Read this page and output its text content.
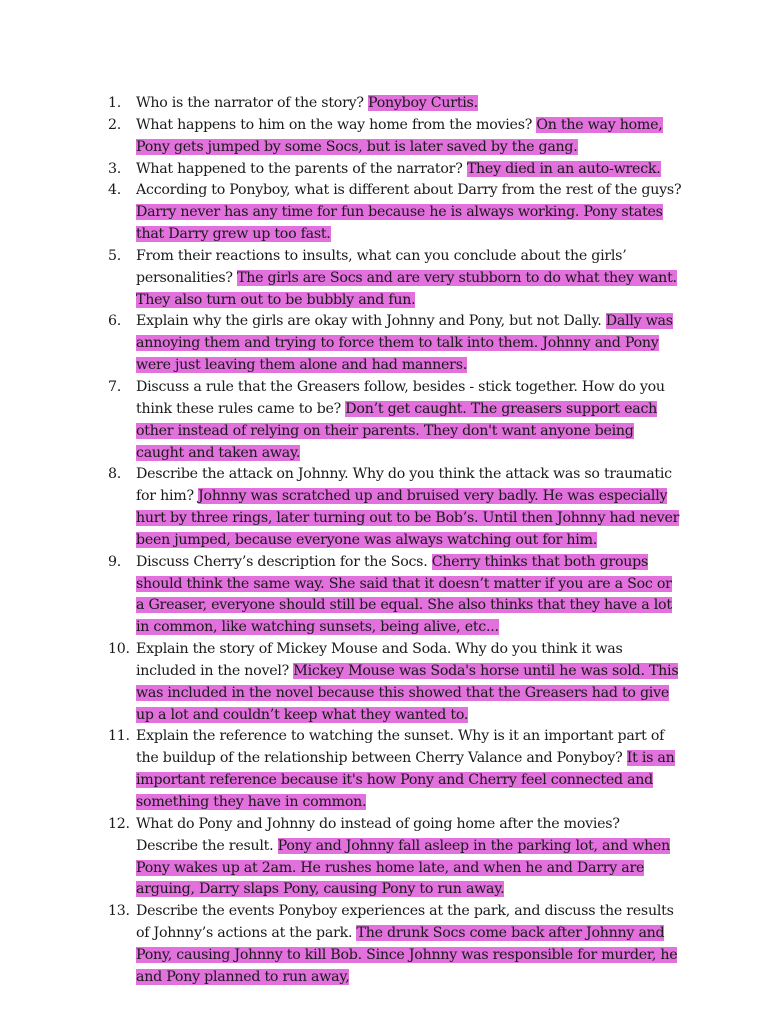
1.	Who is the narrator of the story? Ponyboy Curtis.
2.	What happens to him on the way home from the movies? On the way home, Pony gets jumped by some Socs, but is later saved by the gang.
3.	What happened to the parents of the narrator? They died in an auto-wreck.
4.	According to Ponyboy, what is different about Darry from the rest of the guys? Darry never has any time for fun because he is always working. Pony states that Darry grew up too fast.
5.	From their reactions to insults, what can you conclude about the girls’ personalities? The girls are Socs and are very stubborn to do what they want. They also turn out to be bubbly and fun.
6.	Explain why the girls are okay with Johnny and Pony, but not Dally. Dally was annoying them and trying to force them to talk into them. Johnny and Pony were just leaving them alone and had manners.
7.	Discuss a rule that the Greasers follow, besides - stick together. How do you think these rules came to be? Don’t get caught. The greasers support each other instead of relying on their parents. They don't want anyone being caught and taken away.
8.	Describe the attack on Johnny. Why do you think the attack was so traumatic for him? Johnny was scratched up and bruised very badly. He was especially hurt by three rings, later turning out to be Bob’s. Until then Johnny had never been jumped, because everyone was always watching out for him.
9.	Discuss Cherry’s description for the Socs. Cherry thinks that both groups should think the same way. She said that it doesn’t matter if you are a Soc or a Greaser, everyone should still be equal. She also thinks that they have a lot in common, like watching sunsets, being alive, etc...
10. Explain the story of Mickey Mouse and Soda. Why do you think it was included in the novel? Mickey Mouse was Soda's horse until he was sold. This was included in the novel because this showed that the Greasers had to give up a lot and couldn’t keep what they wanted to.
11. Explain the reference to watching the sunset. Why is it an important part of the buildup of the relationship between Cherry Valance and Ponyboy? It is an important reference because it's how Pony and Cherry feel connected and something they have in common.
12. What do Pony and Johnny do instead of going home after the movies? Describe the result. Pony and Johnny fall asleep in the parking lot, and when Pony wakes up at 2am. He rushes home late, and when he and Darry are arguing, Darry slaps Pony, causing Pony to run away.
13. Describe the events Ponyboy experiences at the park, and discuss the results of Johnny’s actions at the park. The drunk Socs come back after Johnny and Pony, causing Johnny to kill Bob. Since Johnny was responsible for murder, he and Pony planned to run away,
